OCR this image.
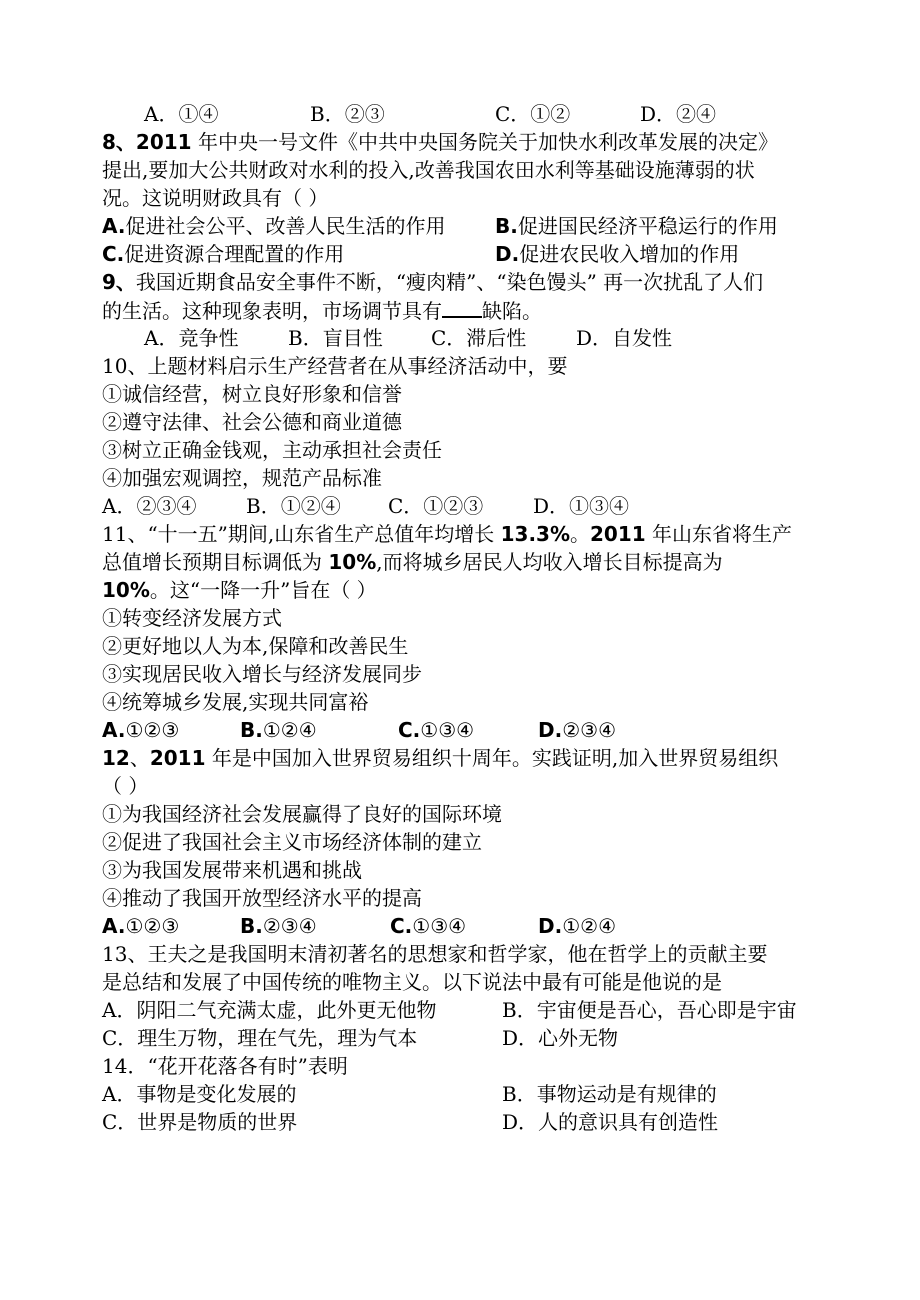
A．①④	B．②③	C．①②	D．②④
8、2011 年中央一号文件《中共中央国务院关于加快水利改革发展的决定》
提出,要加大公共财政对水利的投入,改善我国农田水利等基础设施薄弱的状
况。这说明财政具有（ ）
A.促进社会公平、改善人民生活的作用 B.促进国民经济平稳运行的作用
C.促进资源合理配置的作用	D.促进农民收入增加的作用
9、我国近期食品安全事件不断，“瘦肉精”、“染色馒头” 再一次扰乱了人们
的生活。这种现象表明，市场调节具有 缺陷。
A．竞争性 B．盲目性 C．滞后性 D．自发性
10、上题材料启示生产经营者在从事经济活动中，要
①诚信经营，树立良好形象和信誉
②遵守法律、社会公德和商业道德
③树立正确金钱观，主动承担社会责任
④加强宏观调控，规范产品标准
A．②③④ B．①②④ C．①②③ D．①③④
11、“十一五”期间,山东省生产总值年均增长 13.3%。2011 年山东省将生产
总值增长预期目标调低为 10%,而将城乡居民人均收入增长目标提高为
10%。这“一降一升”旨在（ ）
①转变经济发展方式
②更好地以人为本,保障和改善民生
③实现居民收入增长与经济发展同步
④统筹城乡发展,实现共同富裕
A.①②③	B.①②④	C.①③④	D.②③④
12、2011 年是中国加入世界贸易组织十周年。实践证明,加入世界贸易组织
（ ）
①为我国经济社会发展赢得了良好的国际环境
②促进了我国社会主义市场经济体制的建立
③为我国发展带来机遇和挑战
④推动了我国开放型经济水平的提高
A.①②③	B.②③④	C.①③④	D.①②④
13、王夫之是我国明末清初著名的思想家和哲学家，他在哲学上的贡献主要
是总结和发展了中国传统的唯物主义。以下说法中最有可能是他说的是
A．阴阳二气充满太虚，此外更无他物	B．宇宙便是吾心，吾心即是宇宙
C．理生万物，理在气先，理为气本	D．心外无物
14．“花开花落各有时”表明
A．事物是变化发展的	B．事物运动是有规律的
C．世界是物质的世界	D．人的意识具有创造性
